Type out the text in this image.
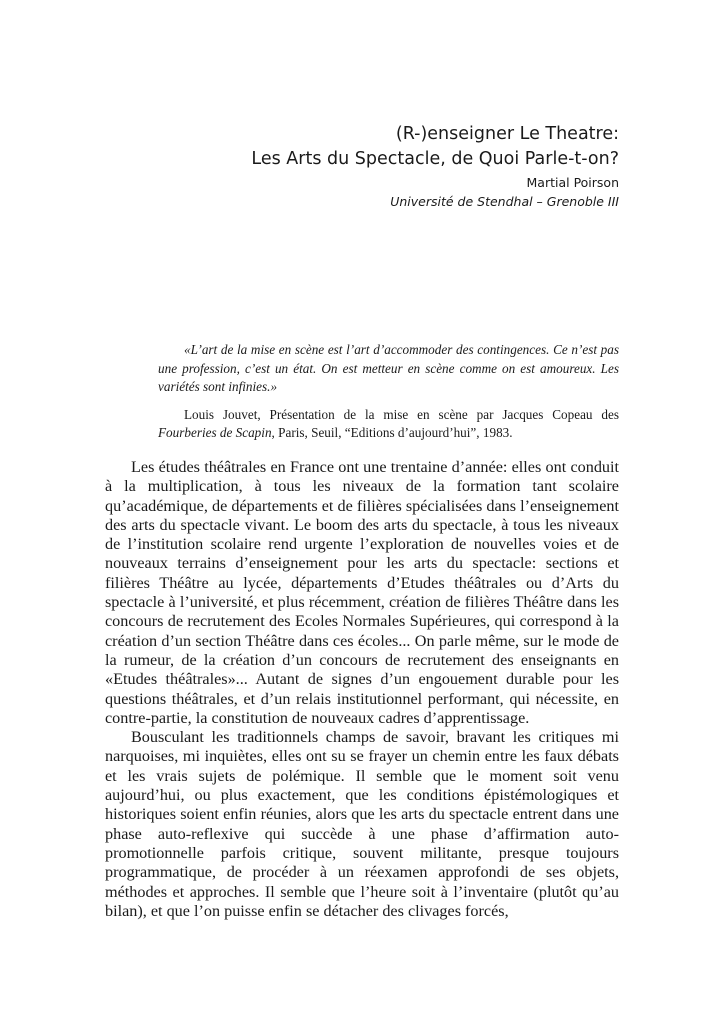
(R-)enseigner Le Theatre:
Les Arts du Spectacle, de Quoi Parle-t-on?
Martial Poirson
Université de Stendhal – Grenoble III

«L’art de la mise en scène est l’art d’accommoder des contingences. Ce n’est pas une profession, c’est un état. On est metteur en scène comme on est amoureux. Les variétés sont infinies.»

Louis Jouvet, Présentation de la mise en scène par Jacques Copeau des Fourberies de Scapin, Paris, Seuil, “Editions d’aujourd’hui”, 1983.

Les études théâtrales en France ont une trentaine d’année: elles ont conduit à la multiplication, à tous les niveaux de la formation tant scolaire qu’académique, de départements et de filières spécialisées dans l’enseignement des arts du spectacle vivant. Le boom des arts du spectacle, à tous les niveaux de l’institution scolaire rend urgente l’exploration de nouvelles voies et de nouveaux terrains d’enseignement pour les arts du spectacle: sections et filières Théâtre au lycée, départements d’Etudes théâtrales ou d’Arts du spectacle à l’université, et plus récemment, création de filières Théâtre dans les concours de recrutement des Ecoles Normales Supérieures, qui correspond à la création d’un section Théâtre dans ces écoles... On parle même, sur le mode de la rumeur, de la création d’un concours de recrutement des enseignants en «Etudes théâtrales»... Autant de signes d’un engouement durable pour les questions théâtrales, et d’un relais institutionnel performant, qui nécessite, en contre-partie, la constitution de nouveaux cadres d’apprentissage.

Bousculant les traditionnels champs de savoir, bravant les critiques mi narquoises, mi inquiètes, elles ont su se frayer un chemin entre les faux débats et les vrais sujets de polémique. Il semble que le moment soit venu aujourd’hui, ou plus exactement, que les conditions épistémologiques et historiques soient enfin réunies, alors que les arts du spectacle entrent dans une phase auto-reflexive qui succède à une phase d’affirmation auto-promotionnelle parfois critique, souvent militante, presque toujours programmatique, de procéder à un réexamen approfondi de ses objets, méthodes et approches. Il semble que l’heure soit à l’inventaire (plutôt qu’au bilan), et que l’on puisse enfin se détacher des clivages forcés,
